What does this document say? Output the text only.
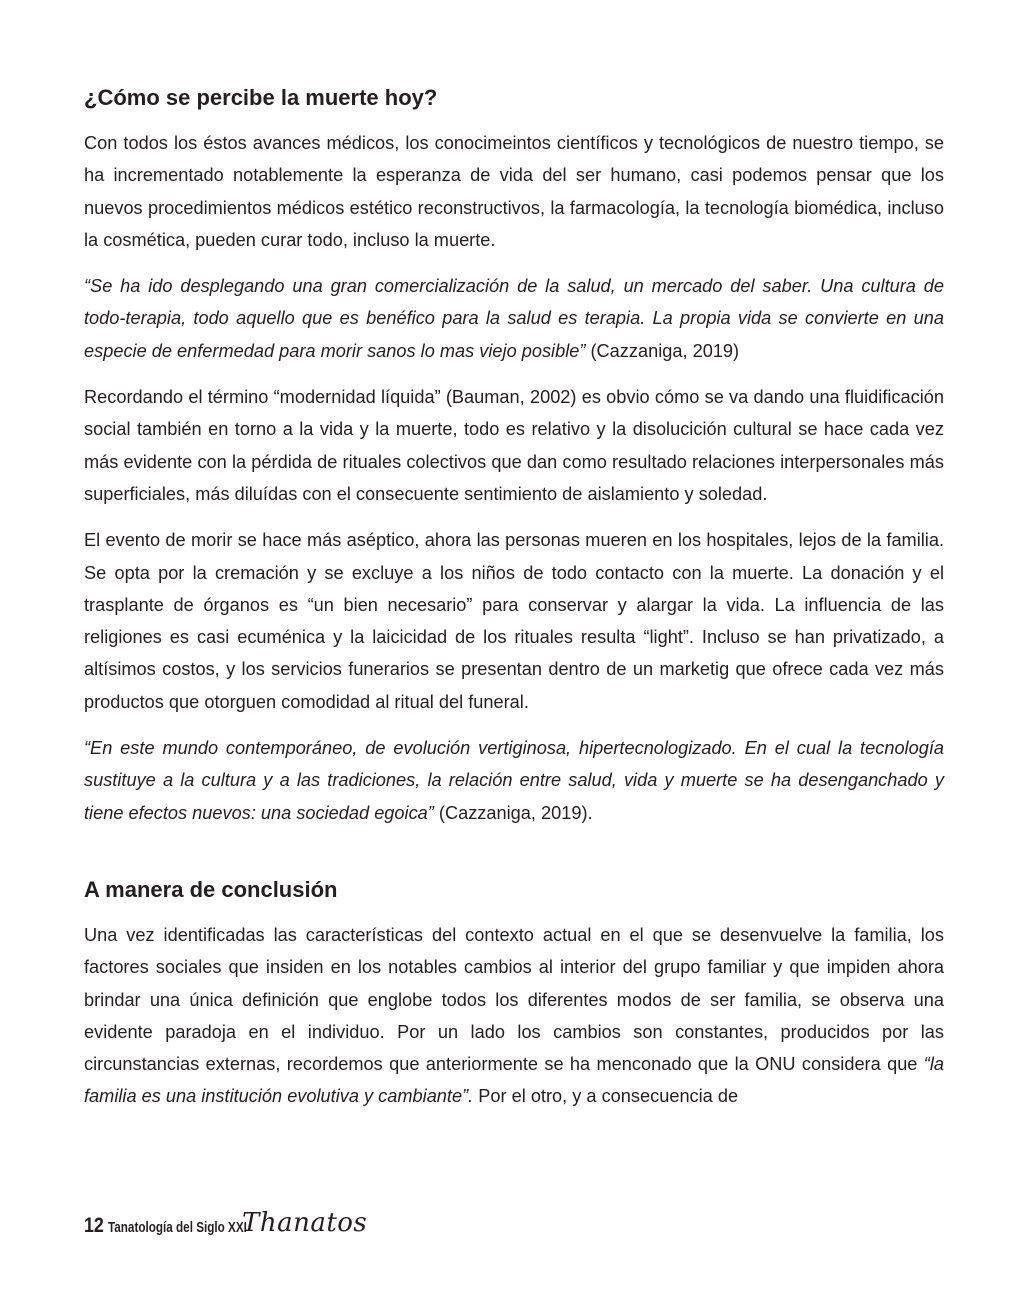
¿Cómo se percibe la muerte hoy?

Con todos los éstos avances médicos, los conocimeintos científicos y tecnológicos de nuestro tiempo, se ha incrementado notablemente la esperanza de vida del ser humano, casi podemos pensar que los nuevos procedimientos médicos estético reconstructivos, la farmacología, la tecnología biomédica, incluso la cosmética, pueden curar todo, incluso la muerte.

“Se ha ido desplegando una gran comercialización de la salud, un mercado del saber. Una cultura de todo-terapia, todo aquello que es benéfico para la salud es terapia. La propia vida se convierte en una especie de enfermedad para morir sanos lo mas viejo posible” (Cazzaniga, 2019)

Recordando el término “modernidad líquida” (Bauman, 2002) es obvio cómo se va dando una fluidificación social también en torno a la vida y la muerte, todo es relativo y la disolucición cultural se hace cada vez más evidente con la pérdida de rituales colectivos que dan como resultado relaciones interpersonales más superficiales, más diluídas con el consecuente sentimiento de aislamiento y soledad.

El evento de morir se hace más aséptico, ahora las personas mueren en los hospitales, lejos de la familia. Se opta por la cremación y se excluye a los niños de todo contacto con la muerte. La donación y el trasplante de órganos es “un bien necesario” para conservar y alargar la vida. La influencia de las religiones es casi ecuménica y la laicicidad de los rituales resulta “light”. Incluso se han privatizado, a altísimos costos, y los servicios funerarios se presentan dentro de un marketig que ofrece cada vez más productos que otorguen comodidad al ritual del funeral.

“En este mundo contemporáneo, de evolución vertiginosa, hipertecnologizado. En el cual la tecnología sustituye a la cultura y a las tradiciones, la relación entre salud, vida y muerte se ha desenganchado y tiene efectos nuevos: una sociedad egoica” (Cazzaniga, 2019).

A manera de conclusión

Una vez identificadas las características del contexto actual en el que se desenvuelve la familia, los factores sociales que insiden en los notables cambios al interior del grupo familiar y que impiden ahora brindar una única definición que englobe todos los diferentes modos de ser familia, se observa una evidente paradoja en el individuo. Por un lado los cambios son constantes, producidos por las circunstancias externas, recordemos que anteriormente se ha menconado que la ONU considera que “la familia es una institución evolutiva y cambiante”. Por el otro, y a consecuencia de

12 Tanatología del Siglo XXI
Thanatos
